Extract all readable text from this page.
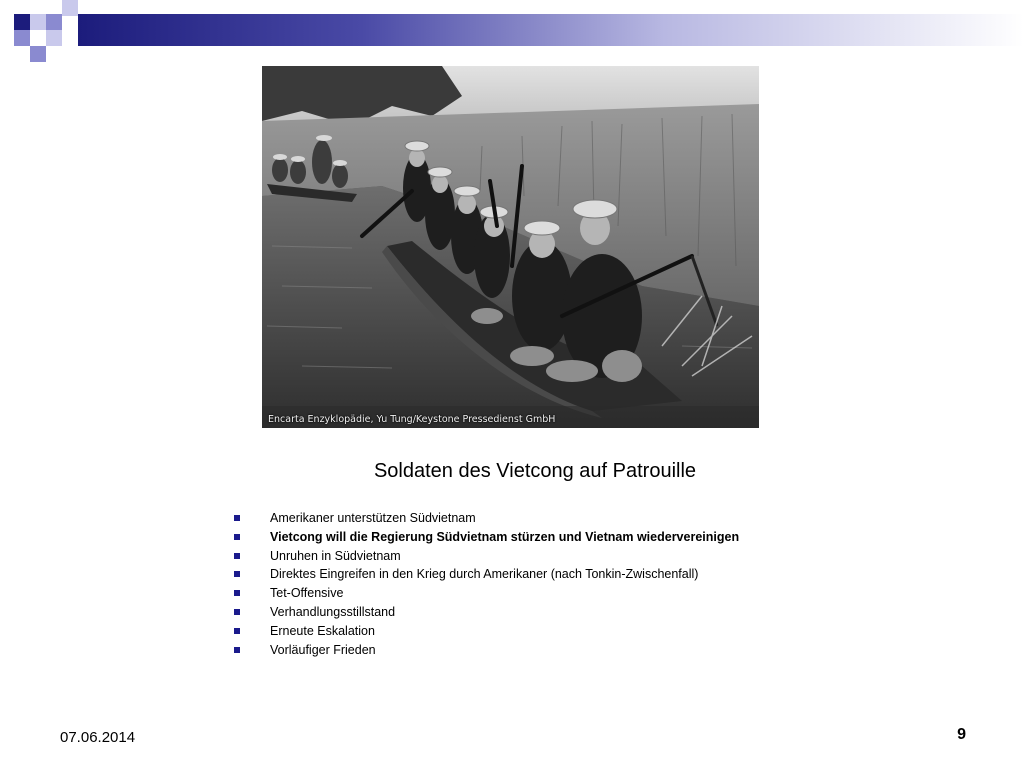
Encarta Enzyklopädie, Yu Tung/Keystone Pressedienst GmbH
Soldaten des Vietcong auf Patrouille
Amerikaner unterstützen Südvietnam
Vietcong will die Regierung Südvietnam stürzen und Vietnam wiedervereinigen
Unruhen in Südvietnam
Direktes Eingreifen in den Krieg durch Amerikaner (nach Tonkin-Zwischenfall)
Tet-Offensive
Verhandlungsstillstand
Erneute Eskalation
Vorläufiger Frieden
07.06.2014	9
